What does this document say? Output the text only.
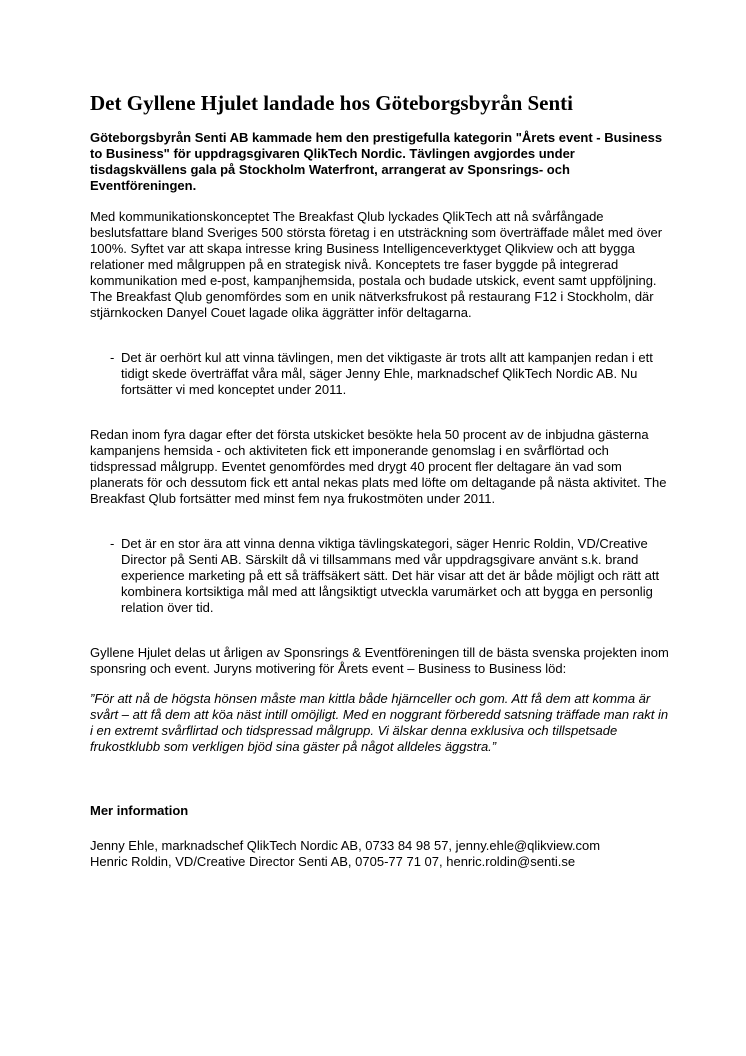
Det Gyllene Hjulet landade hos Göteborgsbyrån Senti

Göteborgsbyrån Senti AB kammade hem den prestigefulla kategorin "Årets event - Business to Business" för uppdragsgivaren QlikTech Nordic. Tävlingen avgjordes under tisdagskvällens gala på Stockholm Waterfront, arrangerat av Sponsrings- och Eventföreningen.

Med kommunikationskonceptet The Breakfast Qlub lyckades QlikTech att nå svårfångade beslutsfattare bland Sveriges 500 största företag i en utsträckning som överträffade målet med över 100%. Syftet var att skapa intresse kring Business Intelligenceverktyget Qlikview och att bygga relationer med målgruppen på en strategisk nivå. Konceptets tre faser byggde på integrerad kommunikation med e-post, kampanjhemsida, postala och budade utskick, event samt uppföljning. The Breakfast Qlub genomfördes som en unik nätverksfrukost på restaurang F12 i Stockholm, där stjärnkocken Danyel Couet lagade olika äggrätter inför deltagarna.

- Det är oerhört kul att vinna tävlingen, men det viktigaste är trots allt att kampanjen redan i ett tidigt skede överträffat våra mål, säger Jenny Ehle, marknadschef QlikTech Nordic AB. Nu fortsätter vi med konceptet under 2011.

Redan inom fyra dagar efter det första utskicket besökte hela 50 procent av de inbjudna gästerna kampanjens hemsida - och aktiviteten fick ett imponerande genomslag i en svårflörtad och tidspressad målgrupp. Eventet genomfördes med drygt 40 procent fler deltagare än vad som planerats för och dessutom fick ett antal nekas plats med löfte om deltagande på nästa aktivitet. The Breakfast Qlub fortsätter med minst fem nya frukostmöten under 2011.

- Det är en stor ära att vinna denna viktiga tävlingskategori, säger Henric Roldin, VD/Creative Director på Senti AB. Särskilt då vi tillsammans med vår uppdragsgivare använt s.k. brand experience marketing på ett så träffsäkert sätt. Det här visar att det är både möjligt och rätt att kombinera kortsiktiga mål med att långsiktigt utveckla varumärket och att bygga en personlig relation över tid.

Gyllene Hjulet delas ut årligen av Sponsrings & Eventföreningen till de bästa svenska projekten inom sponsring och event. Juryns motivering för Årets event – Business to Business löd:

”För att nå de högsta hönsen måste man kittla både hjärnceller och gom. Att få dem att komma är svårt – att få dem att köa näst intill omöjligt. Med en noggrant förberedd satsning träffade man rakt in i en extremt svårflirtad och tidspressad målgrupp. Vi älskar denna exklusiva och tillspetsade frukostklubb som verkligen bjöd sina gäster på något alldeles äggstra.”

Mer information

Jenny Ehle, marknadschef QlikTech Nordic AB, 0733 84 98 57, jenny.ehle@qlikview.com

Henric Roldin, VD/Creative Director Senti AB, 0705-77 71 07, henric.roldin@senti.se
